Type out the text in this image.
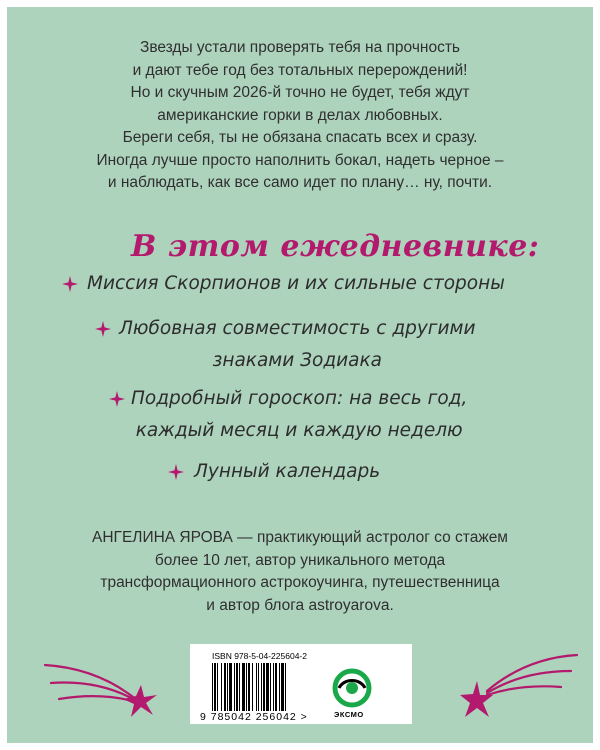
Звезды устали проверять тебя на прочность
и дают тебе год без тотальных перерождений!
Но и скучным 2026-й точно не будет, тебя ждут
американские горки в делах любовных.
Береги себя, ты не обязана спасать всех и сразу.
Иногда лучше просто наполнить бокал, надеть черное –
и наблюдать, как все само идет по плану… ну, почти.
В этом ежедневнике:
Миссия Скорпионов и их сильные стороны
Любовная совместимость с другими
знаками Зодиака
Подробный гороскоп: на весь год,
каждый месяц и каждую неделю
Лунный календарь
АНГЕЛИНА ЯРОВА — практикующий астролог со стажем
более 10 лет, автор уникального метода
трансформационного астрокоучинга, путешественница
и автор блога astroyarova.
ISBN 978-5-04-225604-2
9 785042 256042 >	ЭКСМО
